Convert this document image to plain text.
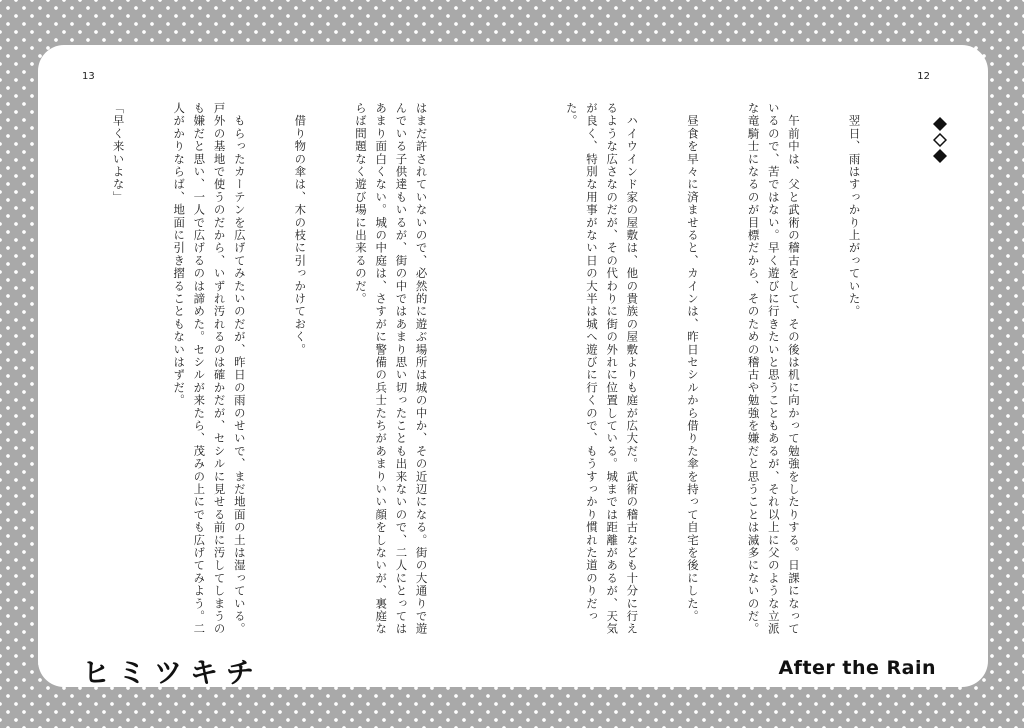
13	12

　翌日、雨はすっかり上がっていた。

　午前中は、父と武術の稽古をして、その後は机に向かって勉強をしたりする。日課になっているので、苦ではない。早く遊びに行きたいと思うこともあるが、それ以上に父のような立派な竜騎士になるのが目標だから、そのための稽古や勉強を嫌だと思うことは滅多にないのだ。

　昼食を早々に済ませると、カインは、昨日セシルから借りた傘を持って自宅を後にした。

　ハイウインド家の屋敷は、他の貴族の屋敷よりも庭が広大だ。武術の稽古なども十分に行えるような広さなのだが、その代わりに街の外れに位置している。城までは距離があるが、天気が良く、特別な用事がない日の大半は城へ遊びに行くので、もうすっかり慣れた道のりだった。

はまだ許されていないので、必然的に遊ぶ場所は城の中か、その近辺になる。街の大通りで遊んでいる子供達もいるが、街の中ではあまり思い切ったことも出来ないので、二人にとってはあまり面白くない。城の中庭は、さすがに警備の兵士たちがあまりいい顔をしないが、裏庭ならば問題なく遊び場に出来るのだ。

　借り物の傘は、木の枝に引っかけておく。

　もらったカーテンを広げてみたいのだが、昨日の雨のせいで、まだ地面の土は湿っている。戸外の基地で使うのだから、いずれ汚れるのは確かだが、セシルに見せる前に汚してしまうのも嫌だと思い、一人で広げるのは諦めた。セシルが来たら、茂みの上にでも広げてみよう。二人がかりならば、地面に引き摺ることもないはずだ。

「早く来いよな」

ヒミツキチ	After the Rain
